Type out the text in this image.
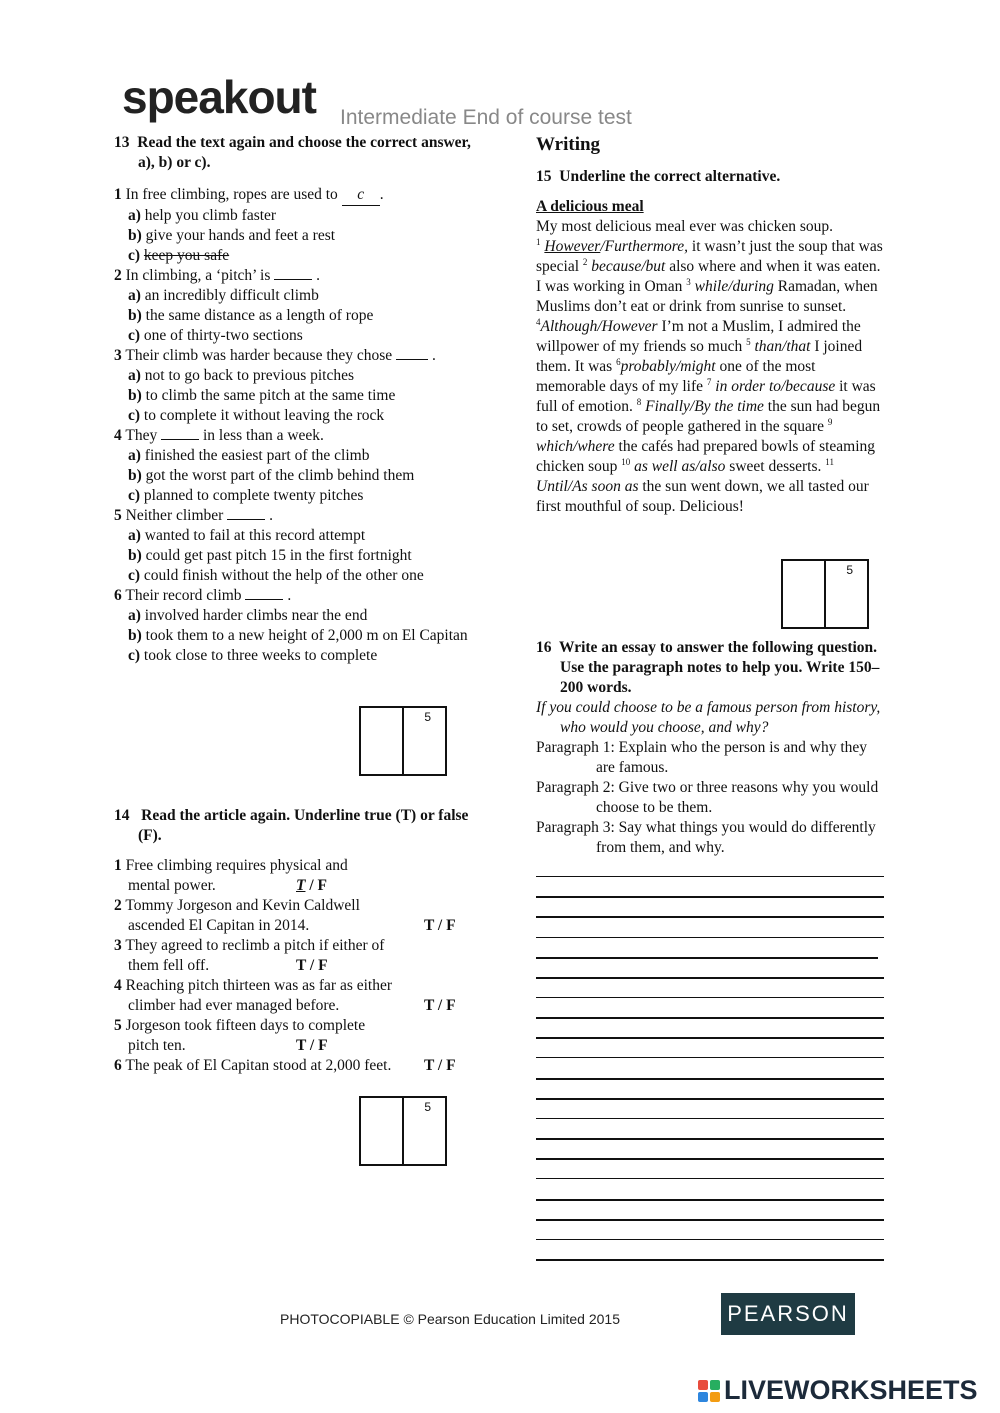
speakout Intermediate End of course test
13 Read the text again and choose the correct answer, a), b) or c).
1 In free climbing, ropes are used to c .
a) help you climb faster
b) give your hands and feet a rest
c) keep you safe
2 In climbing, a ‘pitch’ is	.
a) an incredibly difficult climb
b) the same distance as a length of rope
c) one of thirty-two sections
3 Their climb was harder because they chose  .
a) not to go back to previous pitches
b) to climb the same pitch at the same time
c) to complete it without leaving the rock
4 They	in less than a week.
a) finished the easiest part of the climb
b) got the worst part of the climb behind them
c) planned to complete twenty pitches
5 Neither climber	.
a) wanted to fail at this record attempt
b) could get past pitch 15 in the first fortnight
c) could finish without the help of the other one
6 Their record climb	.
a) involved harder climbs near the end
b) took them to a new height of 2,000 m on El Capitan
c) took close to three weeks to complete
5
14 Read the article again. Underline true (T) or false (F).
1 Free climbing requires physical and
mental power.	T / F
2 Tommy Jorgeson and Kevin Caldwell
ascended El Capitan in 2014.	T / F
3 They agreed to reclimb a pitch if either of
them fell off.	T / F
4 Reaching pitch thirteen was as far as either
climber had ever managed before.	T / F
5 Jorgeson took fifteen days to complete
pitch ten.	T / F
6 The peak of El Capitan stood at 2,000 feet. T / F
5
Writing
15 Underline the correct alternative.
A delicious meal
My most delicious meal ever was chicken soup.
$^1$ However/Furthermore, it wasn’t just the soup that was special $^2$ because/but also where and when it was eaten. I was working in Oman $^3$ while/during Ramadan, when Muslims don’t eat or drink from sunrise to sunset. $^4$Although/However I’m not a Muslim, I admired the willpower of my friends so much $^5$ than/that I joined them. It was $^6$probably/might one of the most memorable days of my life $^7$ in order to/because it was full of emotion. $^8$ Finally/By the time the sun had begun to set, crowds of people gathered in the square $^9$ which/where the cafés had prepared bowls of steaming chicken soup $^{10}$ as well as/also sweet desserts. $^{11}$ Until/As soon as the sun went down, we all tasted our first mouthful of soup. Delicious!
5
16 Write an essay to answer the following question. Use the paragraph notes to help you. Write 150–200 words.
If you could choose to be a famous person from history, who would you choose, and why?
Paragraph 1: Explain who the person is and why they are famous.
Paragraph 2: Give two or three reasons why you would choose to be them.
Paragraph 3: Say what things you would do differently from them, and why.
PHOTOCOPIABLE © Pearson Education Limited 2015	PEARSON
LIVEWORKSHEETS
